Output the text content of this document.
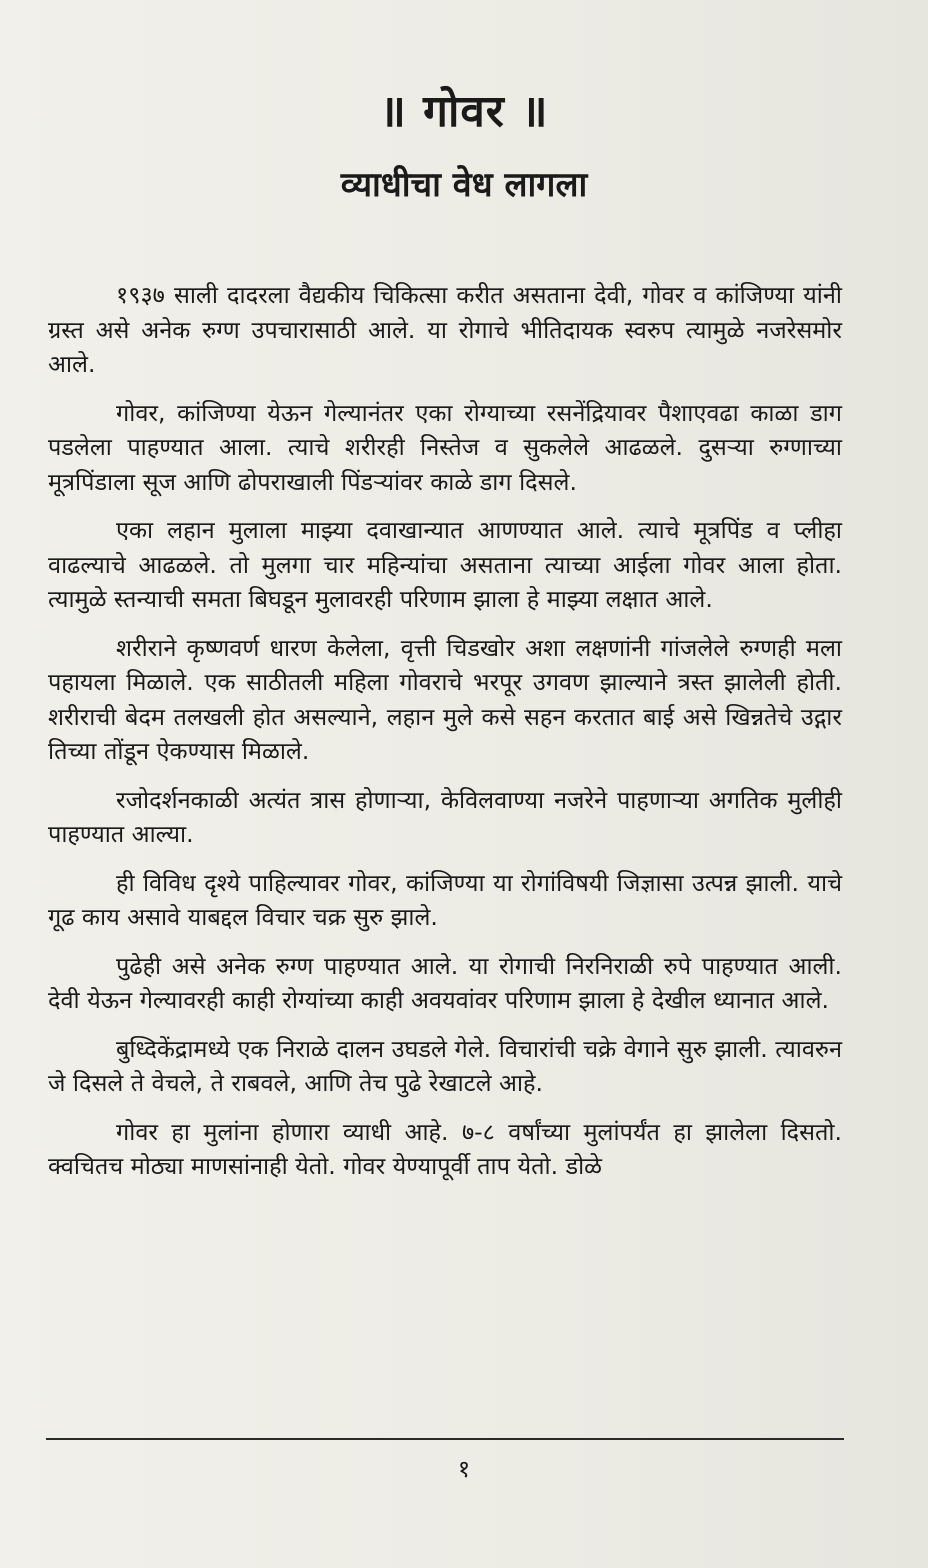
॥ गोवर ॥
व्याधीचा वेध लागला

१९३७ साली दादरला वैद्यकीय चिकित्सा करीत असताना देवी, गोवर व कांजिण्या यांनी ग्रस्त असे अनेक रुग्ण उपचारासाठी आले. या रोगाचे भीतिदायक स्वरुप त्यामुळे नजरेसमोर आले.

गोवर, कांजिण्या येऊन गेल्यानंतर एका रोग्याच्या रसनेंद्रियावर पैशाएवढा काळा डाग पडलेला पाहण्यात आला. त्याचे शरीरही निस्तेज व सुकलेले आढळले. दुसऱ्या रुग्णाच्या मूत्रपिंडाला सूज आणि ढोपराखाली पिंडऱ्यांवर काळे डाग दिसले.

एका लहान मुलाला माझ्या दवाखान्यात आणण्यात आले. त्याचे मूत्रपिंड व प्लीहा वाढल्याचे आढळले. तो मुलगा चार महिन्यांचा असताना त्याच्या आईला गोवर आला होता. त्यामुळे स्तन्याची समता बिघडून मुलावरही परिणाम झाला हे माझ्या लक्षात आले.

शरीराने कृष्णवर्ण धारण केलेला, वृत्ती चिडखोर अशा लक्षणांनी गांजलेले रुग्णही मला पहायला मिळाले. एक साठीतली महिला गोवराचे भरपूर उगवण झाल्याने त्रस्त झालेली होती. शरीराची बेदम तलखली होत असल्याने, लहान मुले कसे सहन करतात बाई असे खिन्नतेचे उद्गार तिच्या तोंडून ऐकण्यास मिळाले.

रजोदर्शनकाळी अत्यंत त्रास होणाऱ्या, केविलवाण्या नजरेने पाहणाऱ्या अगतिक मुलीही पाहण्यात आल्या.

ही विविध दृश्ये पाहिल्यावर गोवर, कांजिण्या या रोगांविषयी जिज्ञासा उत्पन्न झाली. याचे गूढ काय असावे याबद्दल विचार चक्र सुरु झाले.

पुढेही असे अनेक रुग्ण पाहण्यात आले. या रोगाची निरनिराळी रुपे पाहण्यात आली. देवी येऊन गेल्यावरही काही रोग्यांच्या काही अवयवांवर परिणाम झाला हे देखील ध्यानात आले.

बुध्दिकेंद्रामध्ये एक निराळे दालन उघडले गेले. विचारांची चक्रे वेगाने सुरु झाली. त्यावरुन जे दिसले ते वेचले, ते राबवले, आणि तेच पुढे रेखाटले आहे.

गोवर हा मुलांना होणारा व्याधी आहे. ७-८ वर्षांच्या मुलांपर्यंत हा झालेला दिसतो. क्वचितच मोठ्या माणसांनाही येतो. गोवर येण्यापूर्वी ताप येतो. डोळे

१
